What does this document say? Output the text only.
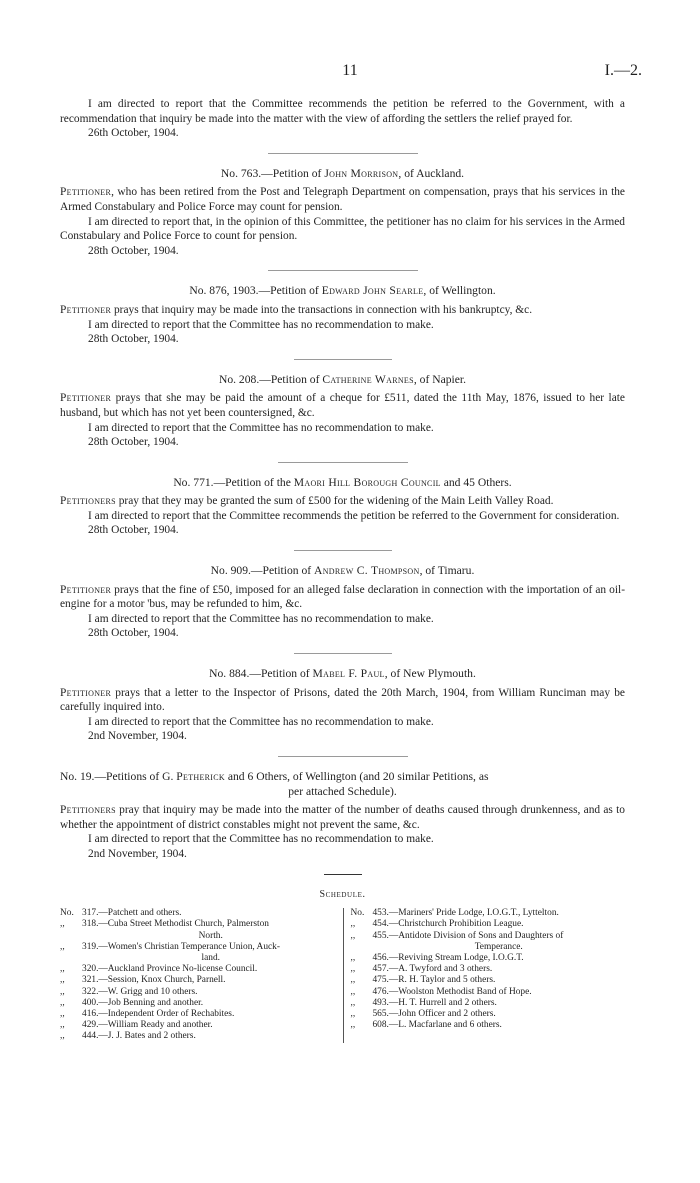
11	I.—2.

I am directed to report that the Committee recommends the petition be referred to the Government, with a recommendation that inquiry be made into the matter with the view of affording the settlers the relief prayed for.

26th October, 1904.

No. 763.—Petition of John Morrison, of Auckland.

Petitioner, who has been retired from the Post and Telegraph Department on compensation, prays that his services in the Armed Constabulary and Police Force may count for pension.

I am directed to report that, in the opinion of this Committee, the petitioner has no claim for his services in the Armed Constabulary and Police Force to count for pension.

28th October, 1904.

No. 876, 1903.—Petition of Edward John Searle, of Wellington.

Petitioner prays that inquiry may be made into the transactions in connection with his bankruptcy, &c.

I am directed to report that the Committee has no recommendation to make.

28th October, 1904.

No. 208.—Petition of Catherine Warnes, of Napier.

Petitioner prays that she may be paid the amount of a cheque for £511, dated the 11th May, 1876, issued to her late husband, but which has not yet been countersigned, &c.

I am directed to report that the Committee has no recommendation to make.

28th October, 1904.

No. 771.—Petition of the Maori Hill Borough Council and 45 Others.

Petitioners pray that they may be granted the sum of £500 for the widening of the Main Leith Valley Road.

I am directed to report that the Committee recommends the petition be referred to the Government for consideration.

28th October, 1904.

No. 909.—Petition of Andrew C. Thompson, of Timaru.

Petitioner prays that the fine of £50, imposed for an alleged false declaration in connection with the importation of an oil-engine for a motor 'bus, may be refunded to him, &c.

I am directed to report that the Committee has no recommendation to make.

28th October, 1904.

No. 884.—Petition of Mabel F. Paul, of New Plymouth.

Petitioner prays that a letter to the Inspector of Prisons, dated the 20th March, 1904, from William Runciman may be carefully inquired into.

I am directed to report that the Committee has no recommendation to make.

2nd November, 1904.

No. 19.—Petitions of G. Petherick and 6 Others, of Wellington (and 20 similar Petitions, as
per attached Schedule).

Petitioners pray that inquiry may be made into the matter of the number of deaths caused through drunkenness, and as to whether the appointment of district constables might not prevent the same, &c.

I am directed to report that the Committee has no recommendation to make.

2nd November, 1904.

Schedule.
No. 317.—Patchett and others.
,,	318.—Cuba Street Methodist Church, Palmerston
North.
,,	319.—Women's Christian Temperance Union, Auck-
land.
,,	320.—Auckland Province No-license Council.
,,	321.—Session, Knox Church, Parnell.
,,	322.—W. Grigg and 10 others.
,,	400.—Job Benning and another.
,,	416.—Independent Order of Rechabites.
,,	429.—William Ready and another.
,,	444.—J. J. Bates and 2 others.
No. 453.—Mariners' Pride Lodge, I.O.G.T., Lyttelton.
,,	454.—Christchurch Prohibition League.
,,	455.—Antidote Division of Sons and Daughters of
Temperance.
,,	456.—Reviving Stream Lodge, I.O.G.T.
,,	457.—A. Twyford and 3 others.
,,	475.—R. H. Taylor and 5 others.
,,	476.—Woolston Methodist Band of Hope.
,,	493.—H. T. Hurrell and 2 others.
,,	565.—John Officer and 2 others.
,,	608.—L. Macfarlane and 6 others.
